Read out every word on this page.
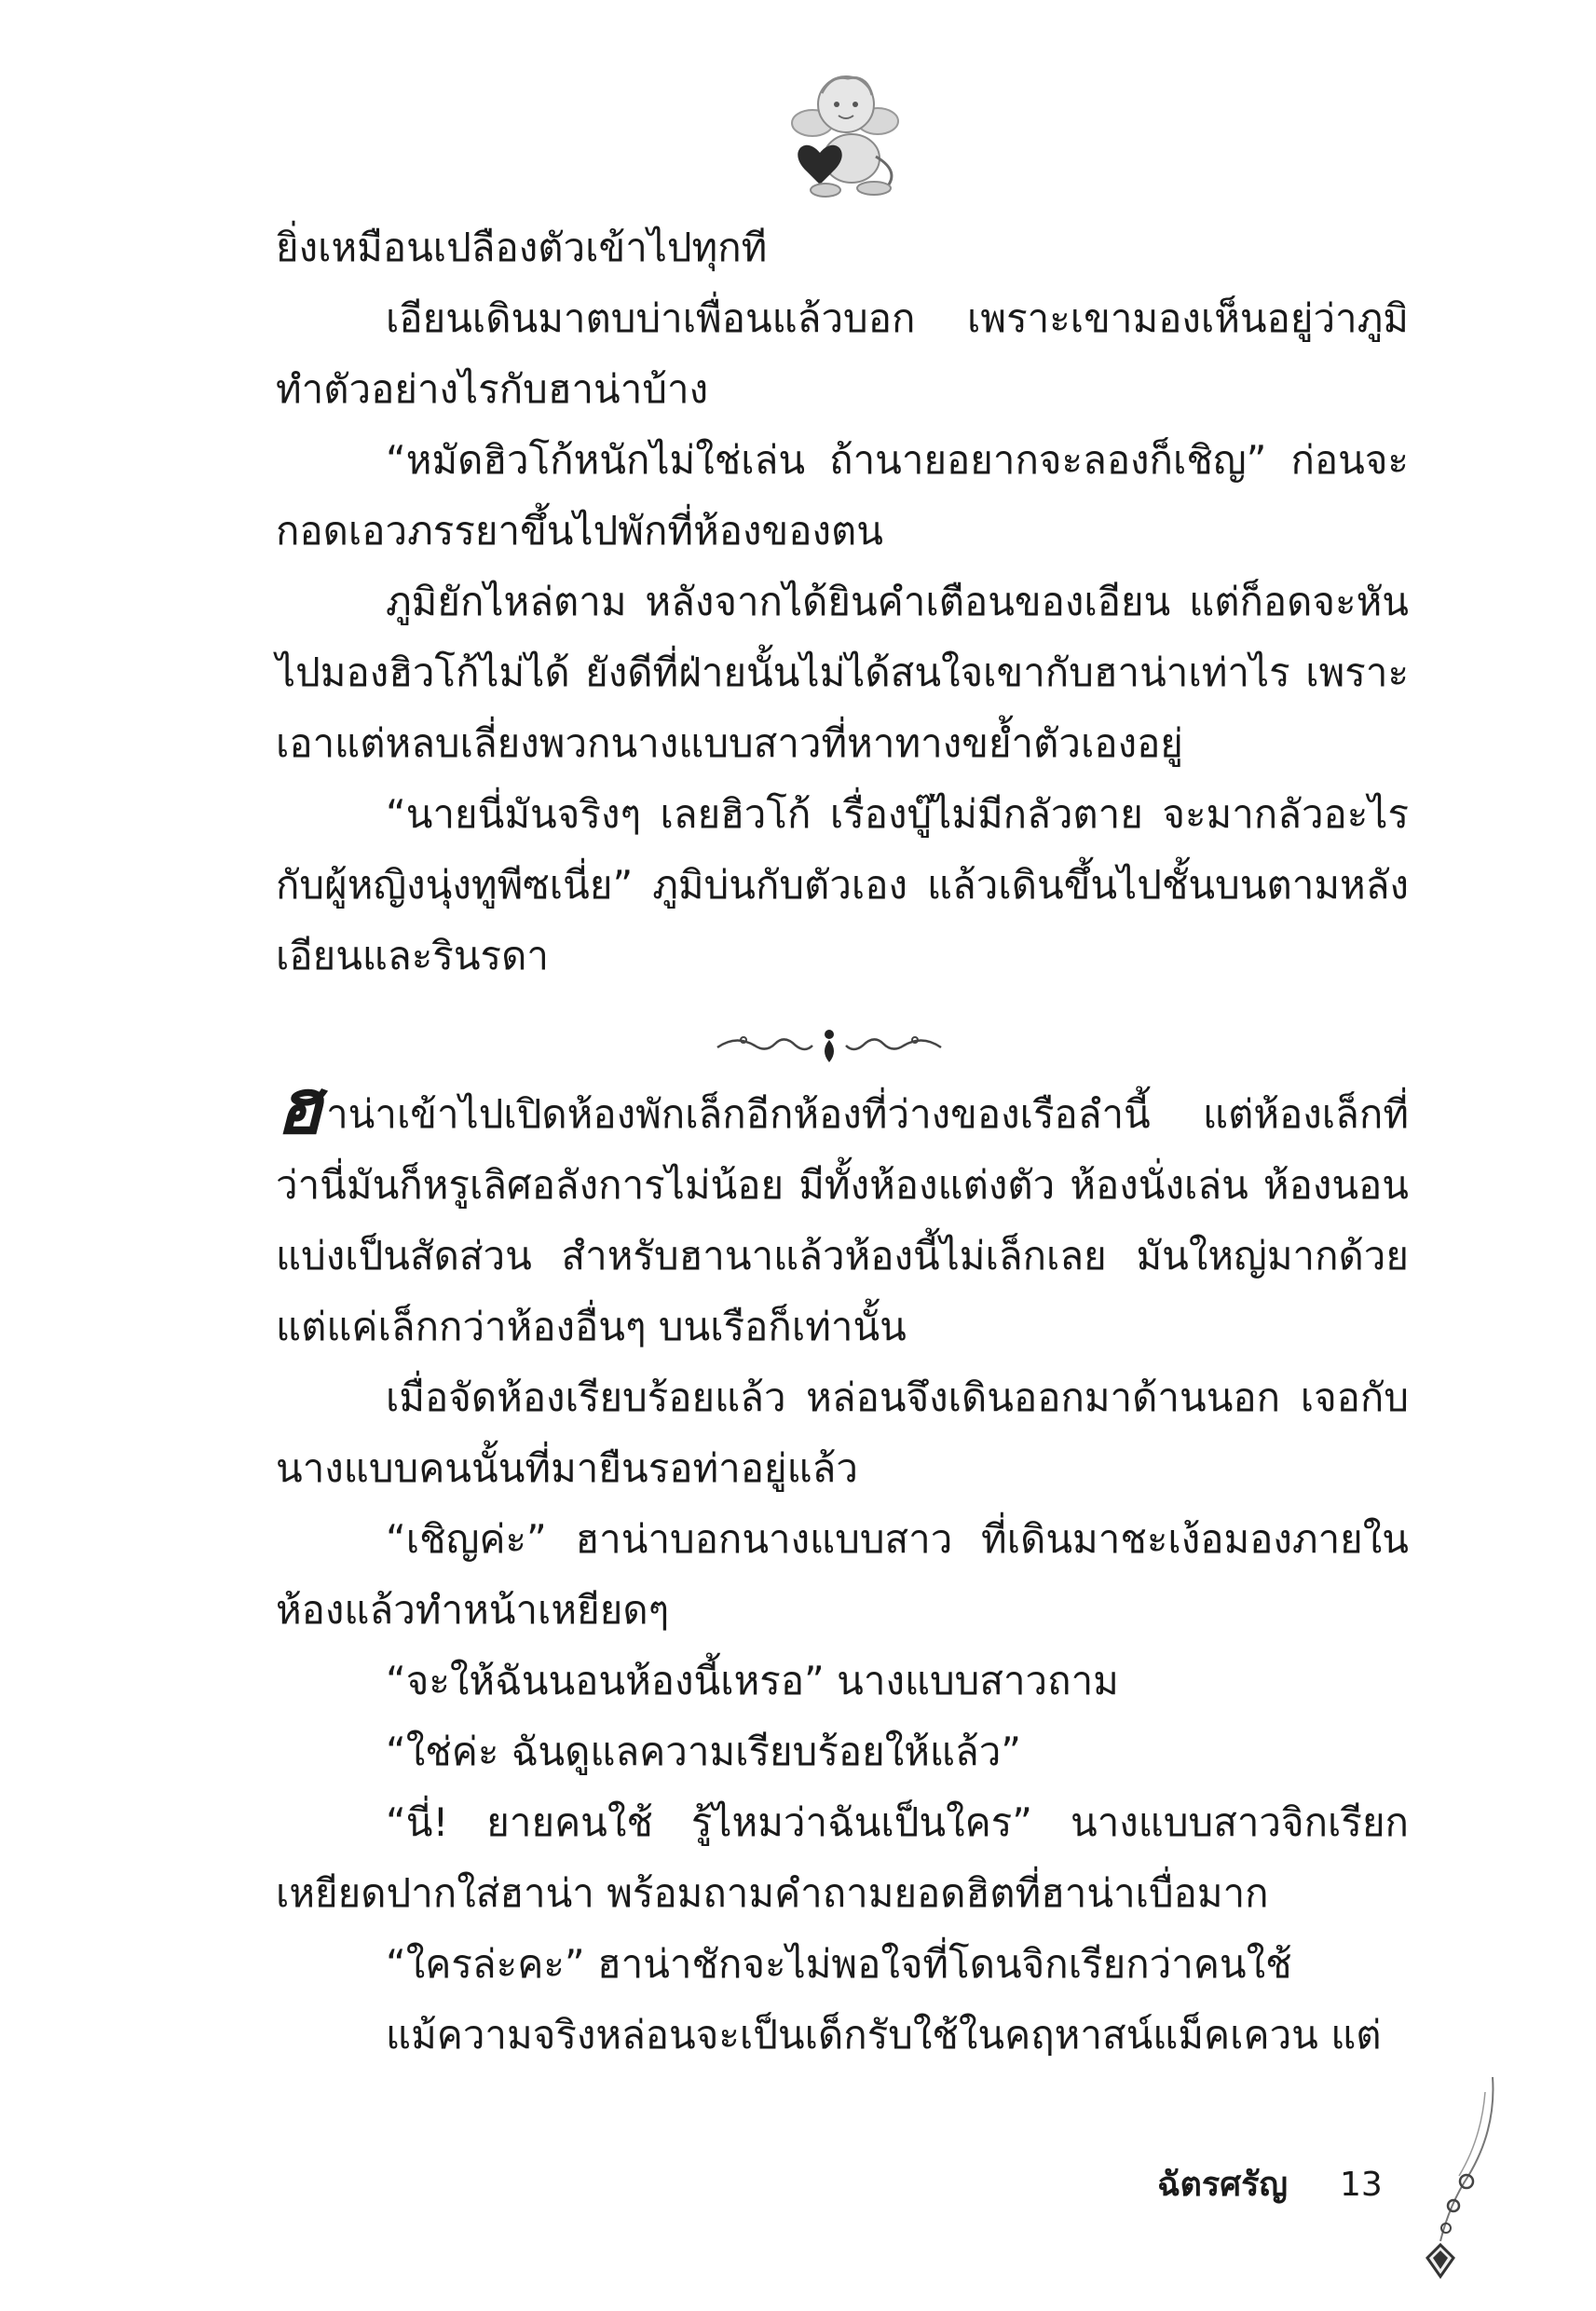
ยิ่งเหมือนเปลืองตัวเข้าไปทุกที

เอียนเดินมาตบบ่าเพื่อนแล้วบอก เพราะเขามองเห็นอยู่ว่าภูมิทำตัวอย่างไรกับฮาน่าบ้าง

“หมัดฮิวโก้หนักไม่ใช่เล่น ถ้านายอยากจะลองก็เชิญ” ก่อนจะกอดเอวภรรยาขึ้นไปพักที่ห้องของตน

ภูมิยักไหล่ตาม หลังจากได้ยินคำเตือนของเอียน แต่ก็อดจะหันไปมองฮิวโก้ไม่ได้ ยังดีที่ฝ่ายนั้นไม่ได้สนใจเขากับฮาน่าเท่าไร เพราะเอาแต่หลบเลี่ยงพวกนางแบบสาวที่หาทางขย้ำตัวเองอยู่

“นายนี่มันจริงๆ เลยฮิวโก้ เรื่องบู๊ไม่มีกลัวตาย จะมากลัวอะไรกับผู้หญิงนุ่งทูพีซเนี่ย” ภูมิบ่นกับตัวเอง แล้วเดินขึ้นไปชั้นบนตามหลังเอียนและรินรดา

ฮาน่าเข้าไปเปิดห้องพักเล็กอีกห้องที่ว่างของเรือลำนี้ แต่ห้องเล็กที่ว่านี่มันก็หรูเลิศอลังการไม่น้อย มีทั้งห้องแต่งตัว ห้องนั่งเล่น ห้องนอนแบ่งเป็นสัดส่วน สำหรับฮานาแล้วห้องนี้ไม่เล็กเลย มันใหญ่มากด้วยแต่แค่เล็กกว่าห้องอื่นๆ บนเรือก็เท่านั้น

เมื่อจัดห้องเรียบร้อยแล้ว หล่อนจึงเดินออกมาด้านนอก เจอกับนางแบบคนนั้นที่มายืนรอท่าอยู่แล้ว

“เชิญค่ะ” ฮาน่าบอกนางแบบสาว ที่เดินมาชะเง้อมองภายในห้องแล้วทำหน้าเหยียดๆ

“จะให้ฉันนอนห้องนี้เหรอ” นางแบบสาวถาม

“ใช่ค่ะ ฉันดูแลความเรียบร้อยให้แล้ว”

“นี่! ยายคนใช้ รู้ไหมว่าฉันเป็นใคร” นางแบบสาวจิกเรียกเหยียดปากใส่ฮาน่า พร้อมถามคำถามยอดฮิตที่ฮาน่าเบื่อมาก

“ใครล่ะคะ” ฮาน่าชักจะไม่พอใจที่โดนจิกเรียกว่าคนใช้

แม้ความจริงหล่อนจะเป็นเด็กรับใช้ในคฤหาสน์แม็คเควน แต่

ฉัตรศรัญ 13
